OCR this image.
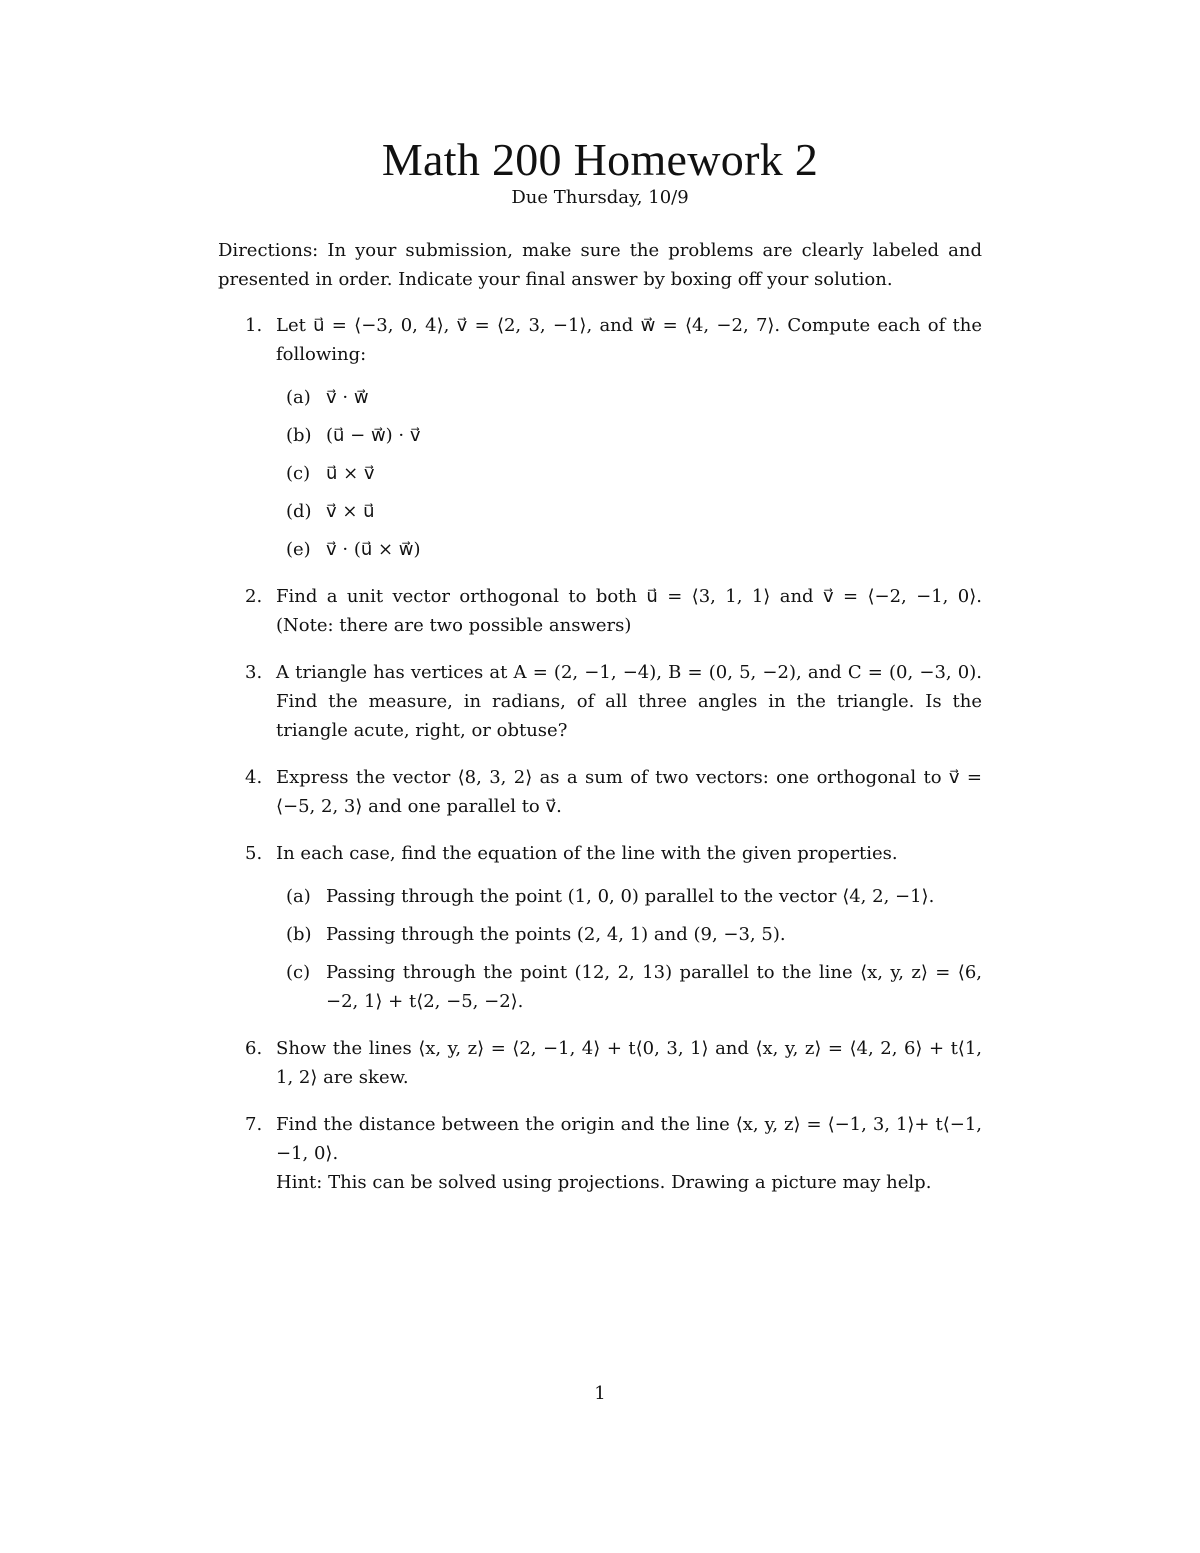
Math 200 Homework 2
Due Thursday, 10/9
Directions: In your submission, make sure the problems are clearly labeled and presented in order. Indicate your final answer by boxing off your solution.
1. Let u⃗ = ⟨−3, 0, 4⟩, v⃗ = ⟨2, 3, −1⟩, and w⃗ = ⟨4, −2, 7⟩. Compute each of the following:
(a) v⃗ · w⃗
(b) (u⃗ − w⃗) · v⃗
(c) u⃗ × v⃗
(d) v⃗ × u⃗
(e) v⃗ · (u⃗ × w⃗)
2. Find a unit vector orthogonal to both u⃗ = ⟨3, 1, 1⟩ and v⃗ = ⟨−2, −1, 0⟩. (Note: there are two possible answers)
3. A triangle has vertices at A = (2, −1, −4), B = (0, 5, −2), and C = (0, −3, 0). Find the measure, in radians, of all three angles in the triangle. Is the triangle acute, right, or obtuse?
4. Express the vector ⟨8, 3, 2⟩ as a sum of two vectors: one orthogonal to v⃗ = ⟨−5, 2, 3⟩ and one parallel to v⃗.
5. In each case, find the equation of the line with the given properties.
(a) Passing through the point (1, 0, 0) parallel to the vector ⟨4, 2, −1⟩.
(b) Passing through the points (2, 4, 1) and (9, −3, 5).
(c) Passing through the point (12, 2, 13) parallel to the line ⟨x, y, z⟩ = ⟨6, −2, 1⟩ + t⟨2, −5, −2⟩.
6. Show the lines ⟨x, y, z⟩ = ⟨2, −1, 4⟩ + t⟨0, 3, 1⟩ and ⟨x, y, z⟩ = ⟨4, 2, 6⟩ + t⟨1, 1, 2⟩ are skew.
7. Find the distance between the origin and the line ⟨x, y, z⟩ = ⟨−1, 3, 1⟩+ t⟨−1, −1, 0⟩.
Hint: This can be solved using projections. Drawing a picture may help.
1
